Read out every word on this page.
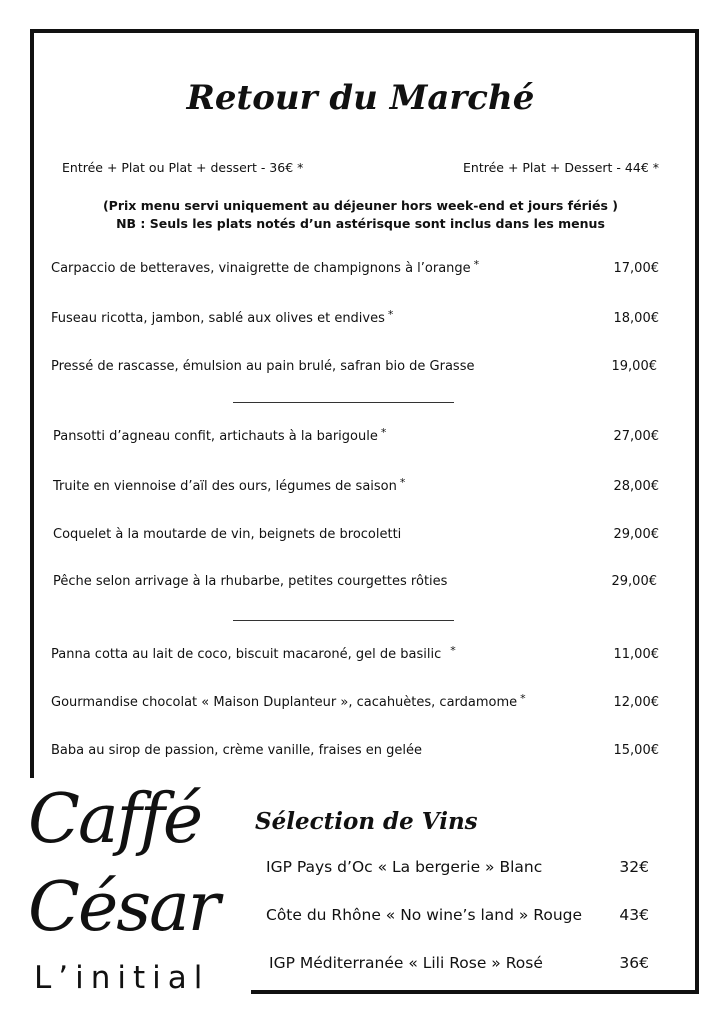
Retour du Marché
Entrée + Plat ou Plat + dessert - 36€ *	Entrée + Plat + Dessert - 44€ *
(Prix menu servi uniquement au déjeuner hors week-end et jours fériés )
NB : Seuls les plats notés d’un astérisque sont inclus dans les menus
Carpaccio de betteraves, vinaigrette de champignons à l’orange *	17,00€
Fuseau ricotta, jambon, sablé aux olives et endives *	18,00€
Pressé de rascasse, émulsion au pain brulé, safran bio de Grasse	19,00€
Pansotti d’agneau confit, artichauts à la barigoule *	27,00€
Truite en viennoise d’aïl des ours, légumes de saison *	28,00€
Coquelet à la moutarde de vin, beignets de brocoletti	29,00€
Pêche selon arrivage à la rhubarbe, petites courgettes rôties	29,00€
Panna cotta au lait de coco, biscuit macaroné, gel de basilic *	11,00€
Gourmandise chocolat « Maison Duplanteur », cacahuètes, cardamome *	12,00€
Baba au sirop de passion, crème vanille, fraises en gelée	15,00€
Caffé
César
L’initial
Sélection de Vins
IGP Pays d’Oc « La bergerie » Blanc	32€
Côte du Rhône « No wine’s land » Rouge 43€
IGP Méditerranée « Lili Rose » Rosé	36€
